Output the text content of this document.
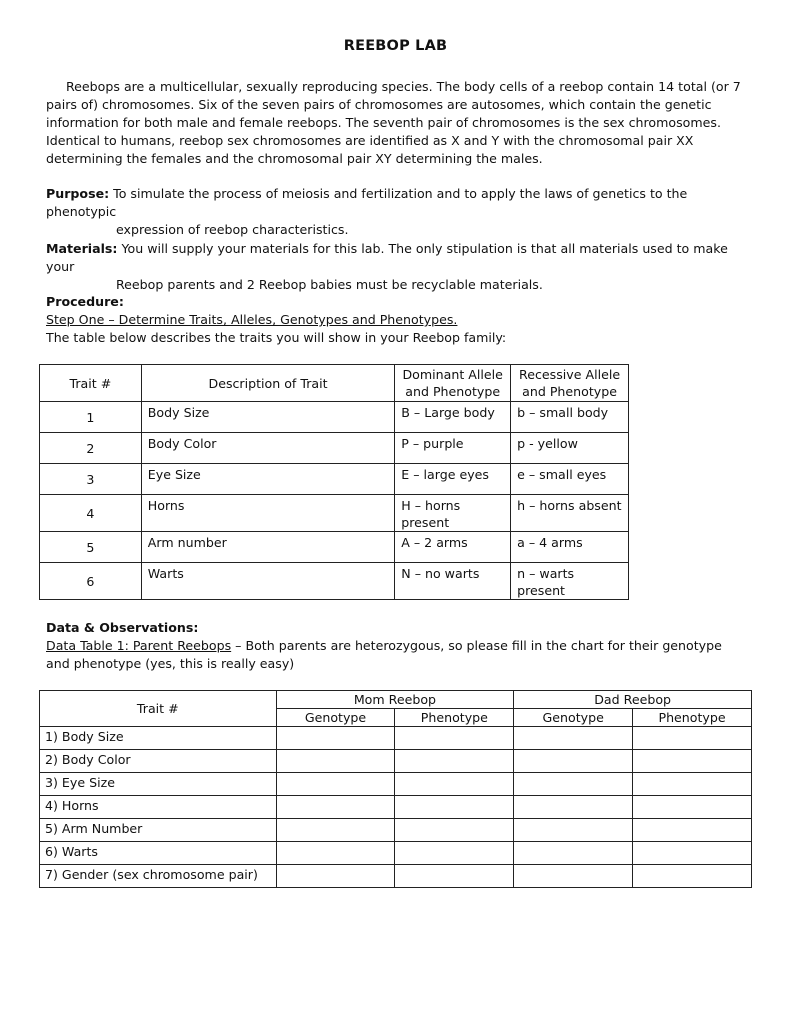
REEBOP LAB

Reebops are a multicellular, sexually reproducing species. The body cells of a reebop contain 14 total (or 7 pairs of) chromosomes. Six of the seven pairs of chromosomes are autosomes, which contain the genetic information for both male and female reebops. The seventh pair of chromosomes is the sex chromosomes. Identical to humans, reebop sex chromosomes are identified as X and Y with the chromosomal pair XX determining the females and the chromosomal pair XY determining the males.

Purpose: To simulate the process of meiosis and fertilization and to apply the laws of genetics to the phenotypic
expression of reebop characteristics.
Materials: You will supply your materials for this lab. The only stipulation is that all materials used to make your
Reebop parents and 2 Reebop babies must be recyclable materials.
Procedure:
Step One – Determine Traits, Alleles, Genotypes and Phenotypes.
The table below describes the traits you will show in your Reebop family:
Trait #	Description of Trait	Dominant Allele and Phenotype	Recessive Allele and Phenotype
1	Body Size	B – Large body	b – small body
2	Body Color	P – purple	p - yellow
3	Eye Size	E – large eyes	e – small eyes
4	Horns	H – horns present	h – horns absent
5	Arm number	A – 2 arms	a – 4 arms
6	Warts	N – no warts	n – warts present
Data & Observations:
Data Table 1: Parent Reebops – Both parents are heterozygous, so please fill in the chart for their genotype and phenotype (yes, this is really easy)
Trait #	Mom Reebop		Dad Reebop	
	Genotype	Phenotype	Genotype	Phenotype
1) Body Size				
2) Body Color				
3) Eye Size				
4) Horns				
5) Arm Number				
6) Warts				
7) Gender (sex chromosome pair)				
